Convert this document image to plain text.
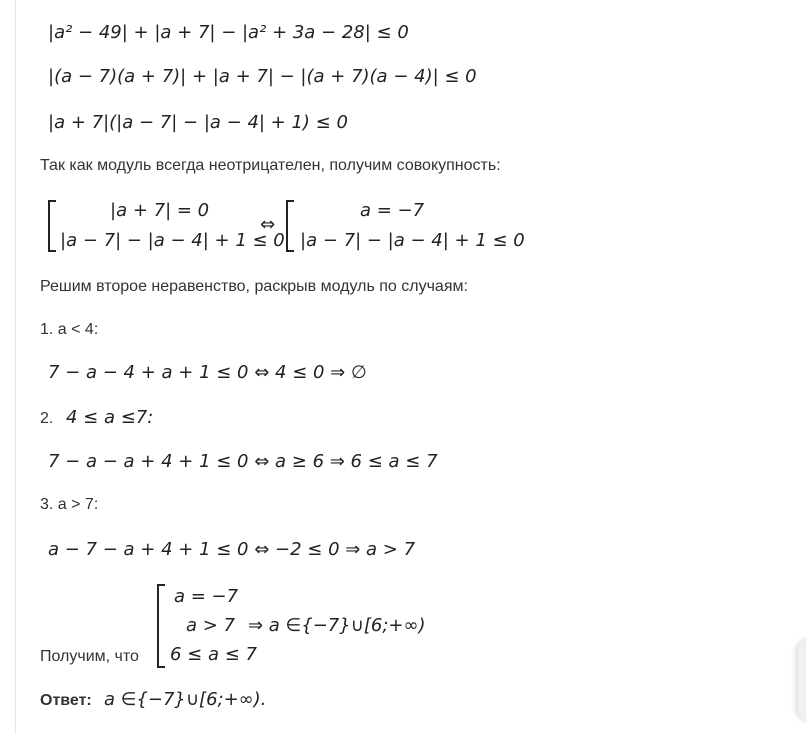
|a² − 49| + |a + 7| − |a² + 3a − 28| ≤ 0
|(a − 7)(a + 7)| + |a + 7| − |(a + 7)(a − 4)| ≤ 0
|a + 7|(|a − 7| − |a − 4| + 1) ≤ 0
Так как модуль всегда неотрицателен, получим совокупность:
|a + 7| = 0
|a − 7| − |a − 4| + 1 ≤ 0
⇔
a = −7
|a − 7| − |a − 4| + 1 ≤ 0
Решим второе неравенство, раскрыв модуль по случаям:
1. a < 4:
7 − a − 4 + a + 1 ≤ 0 ⇔ 4 ≤ 0 ⇒ ∅
2. 4 ≤ a ≤7:
7 − a − a + 4 + 1 ≤ 0 ⇔ a ≥ 6 ⇒ 6 ≤ a ≤ 7
3. a > 7:
a − 7 − a + 4 + 1 ≤ 0 ⇔ −2 ≤ 0 ⇒ a > 7
Получим, что
a = −7
a > 7 ⇒ a ∈{−7}∪[6;+∞)
6 ≤ a ≤ 7
Ответ: a ∈{−7}∪[6;+∞).
